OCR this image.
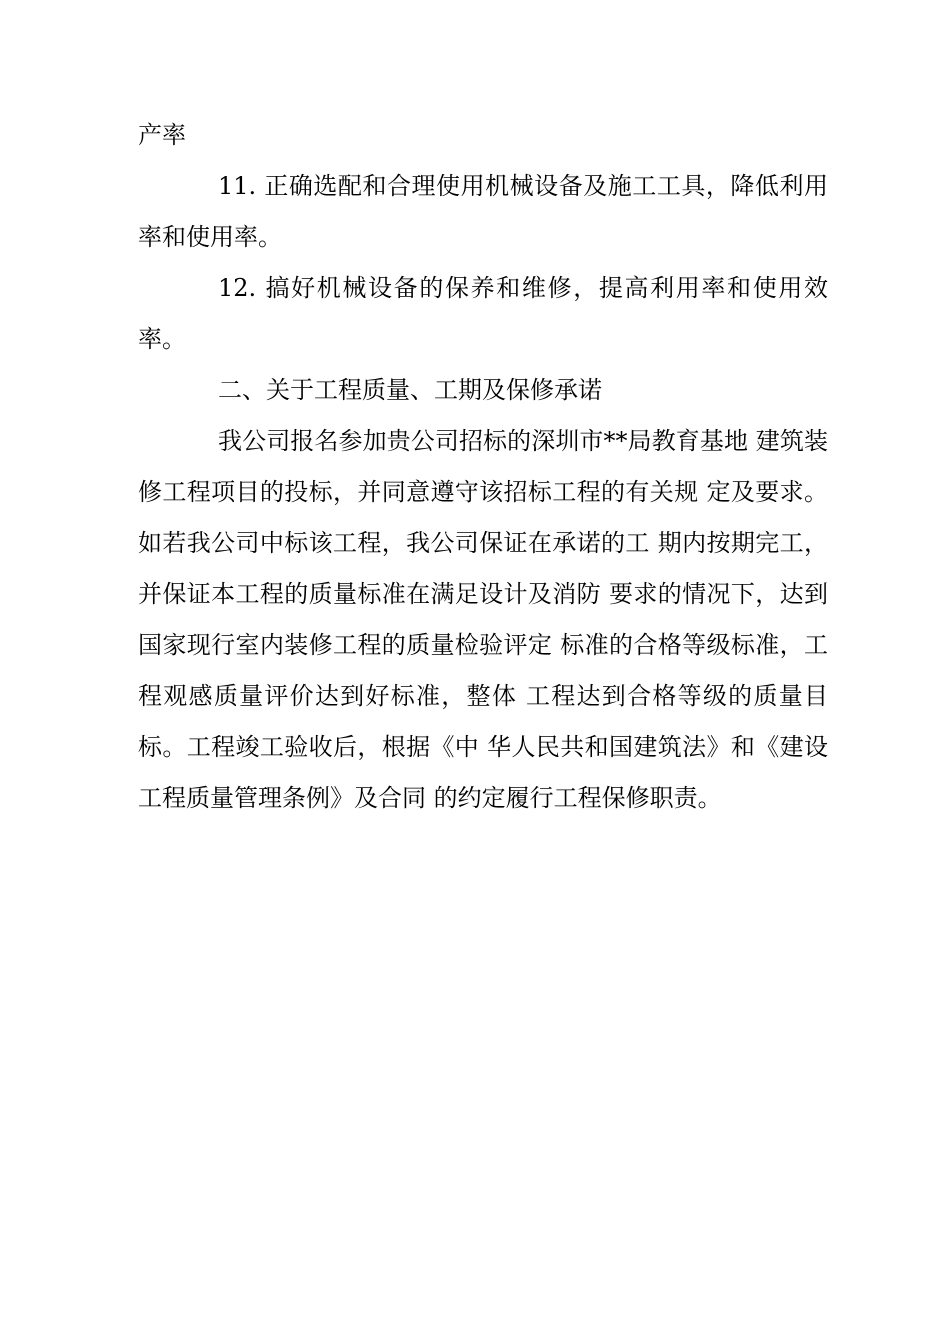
产率

11. 正确选配和合理使用机械设备及施工工具，降低利用率和使用率。

12. 搞好机械设备的保养和维修，提高利用率和使用效率。

二、关于工程质量、工期及保修承诺

我公司报名参加贵公司招标的深圳市**局教育基地 建筑装修工程项目的投标，并同意遵守该招标工程的有关规 定及要求。如若我公司中标该工程，我公司保证在承诺的工 期内按期完工，并保证本工程的质量标准在满足设计及消防 要求的情况下，达到国家现行室内装修工程的质量检验评定 标准的合格等级标准，工程观感质量评价达到好标准，整体 工程达到合格等级的质量目标。工程竣工验收后，根据《中 华人民共和国建筑法》和《建设工程质量管理条例》及合同 的约定履行工程保修职责。
